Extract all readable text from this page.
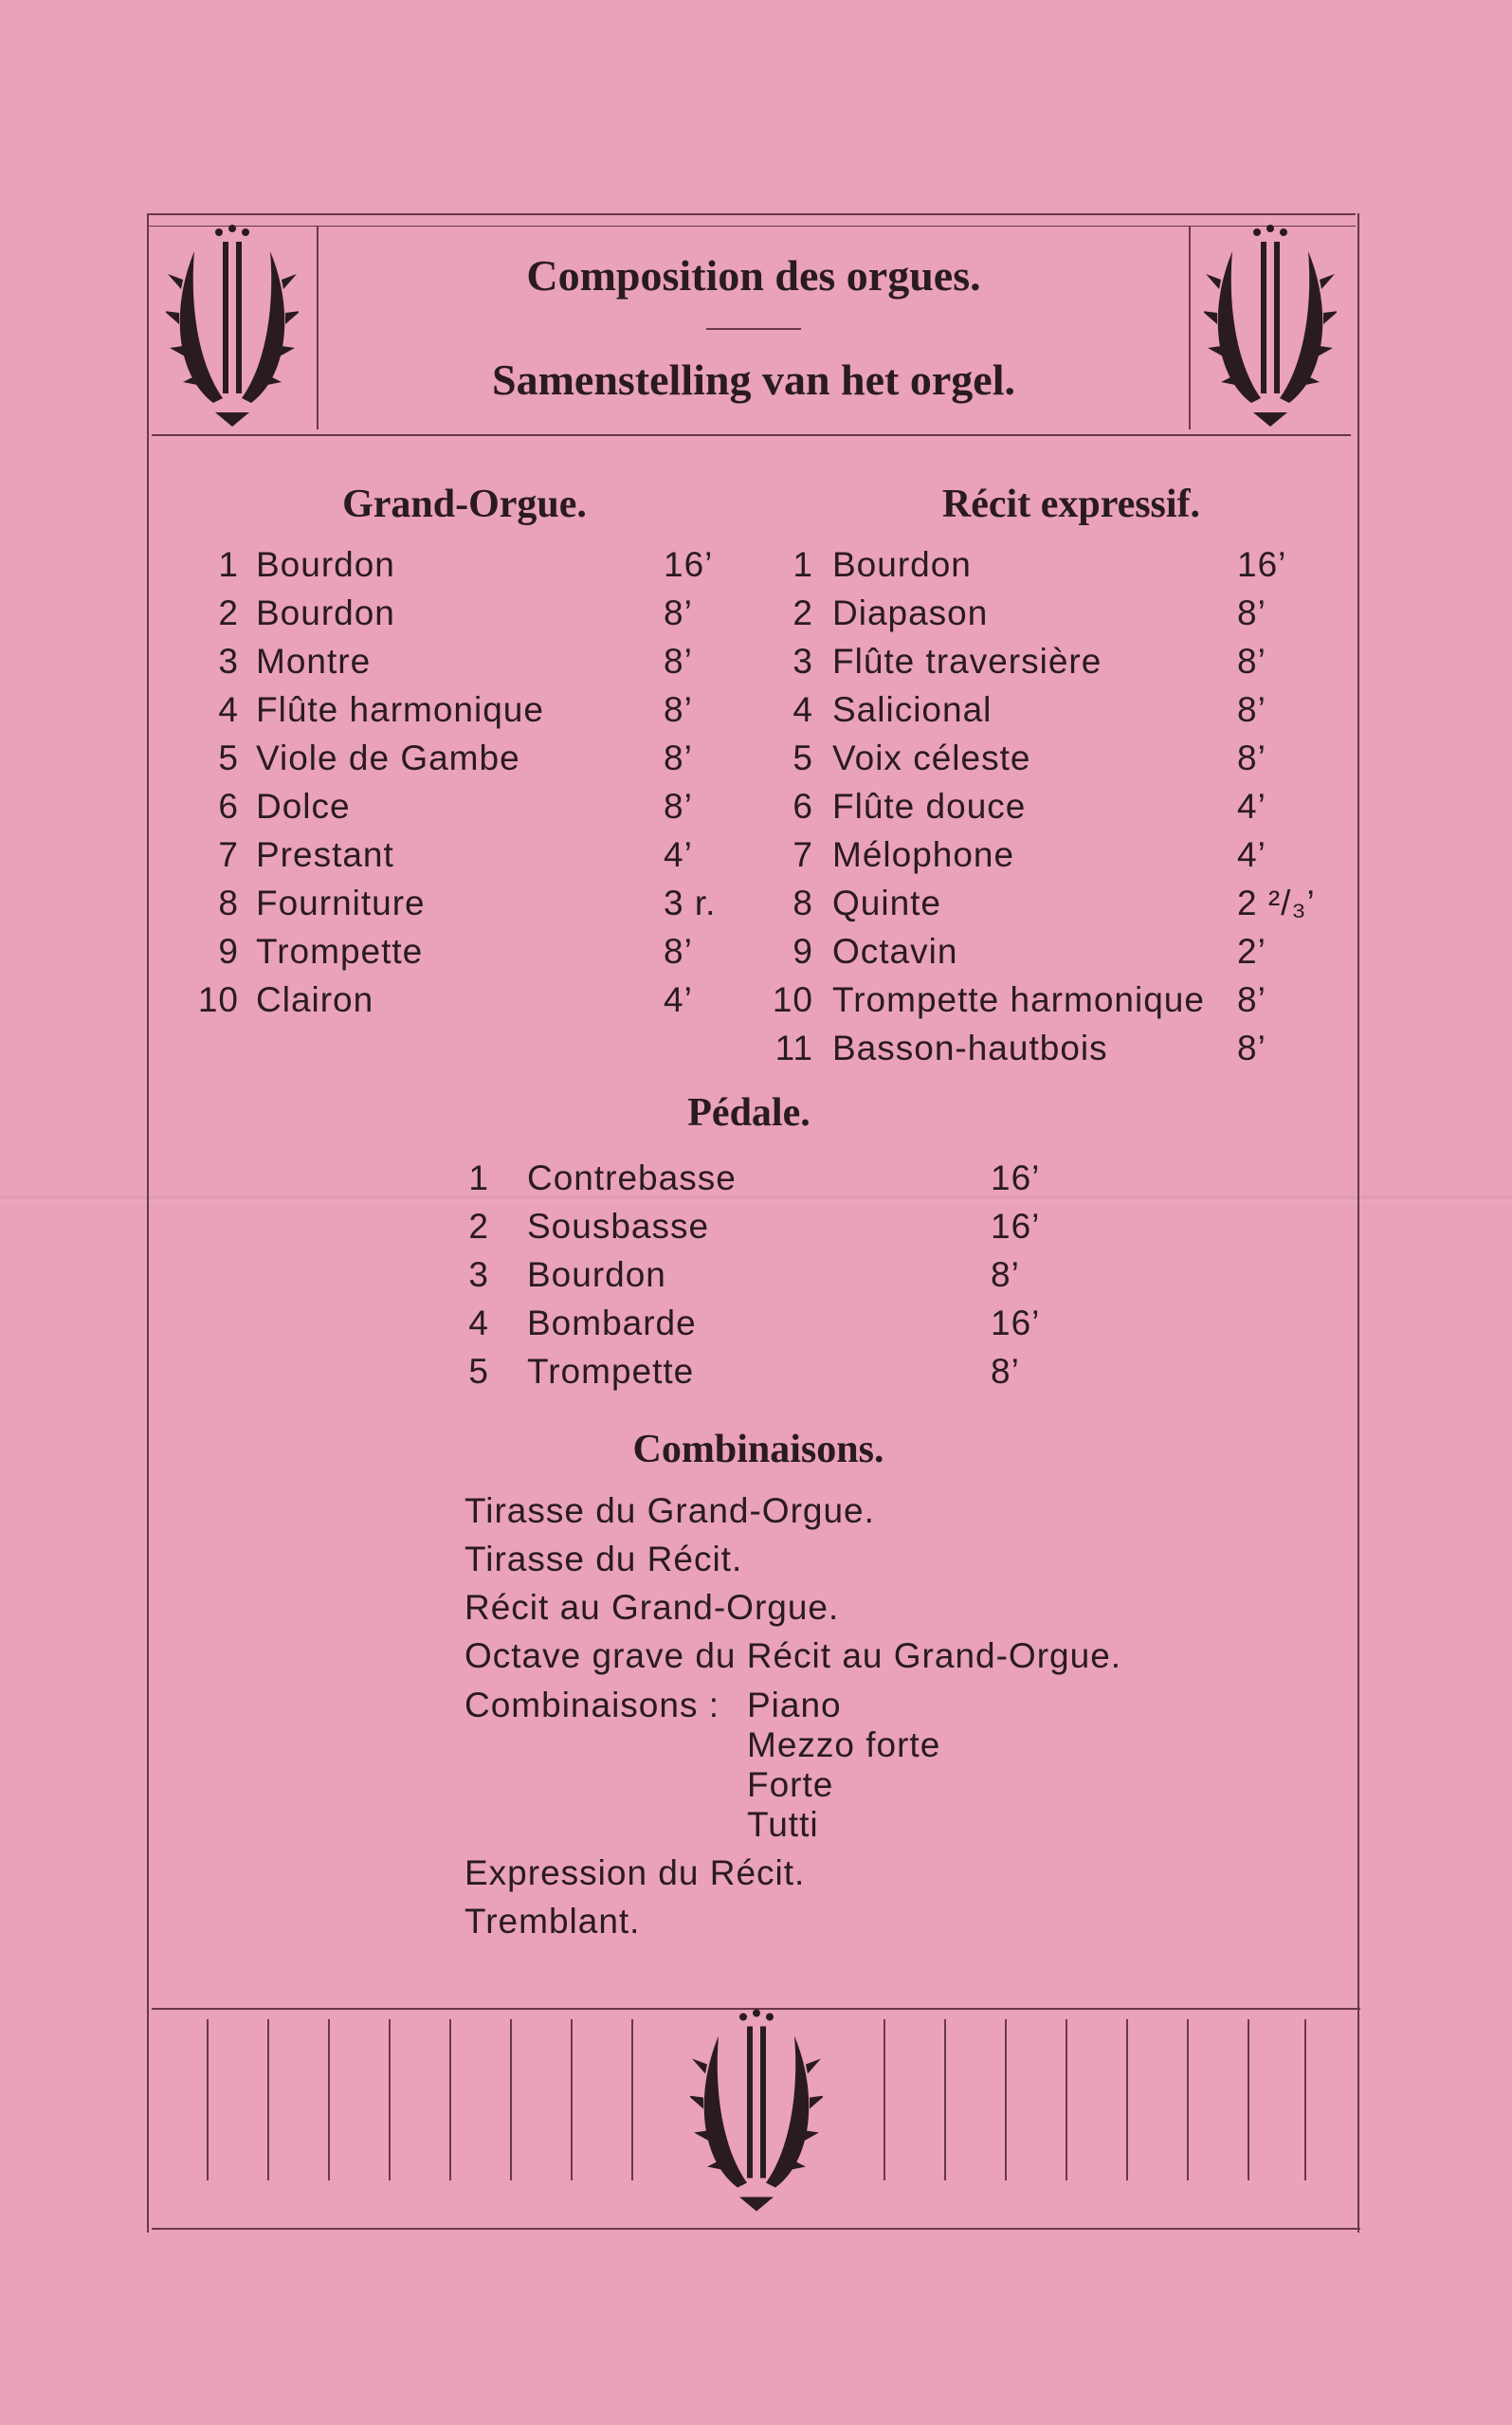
Composition des orgues.
Samenstelling van het orgel.
Grand-Orgue.
1 Bourdon	16’
2 Bourdon	8’
3 Montre	8’
4 Flûte harmonique	8’
5 Viole de Gambe	8’
6 Dolce	8’
7 Prestant	4’
8 Fourniture	3 r.
9 Trompette	8’
10 Clairon	4’
Récit expressif.
1 Bourdon	16’
2 Diapason	8’
3 Flûte traversière	8’
4 Salicional	8’
5 Voix céleste	8’
6 Flûte douce	4’
7 Mélophone	4’
8 Quinte	2 ²/₃’
9 Octavin	2’
10 Trompette harmonique 8’
11 Basson-hautbois	8’
Pédale.
1 Contrebasse	16’
2 Sousbasse	16’
3 Bourdon	8’
4 Bombarde	16’
5 Trompette	8’
Combinaisons.
Tirasse du Grand-Orgue.
Tirasse du Récit.
Récit au Grand-Orgue.
Octave grave du Récit au Grand-Orgue.
Combinaisons : Piano
Mezzo forte
Forte
Tutti
Expression du Récit.
Tremblant.
